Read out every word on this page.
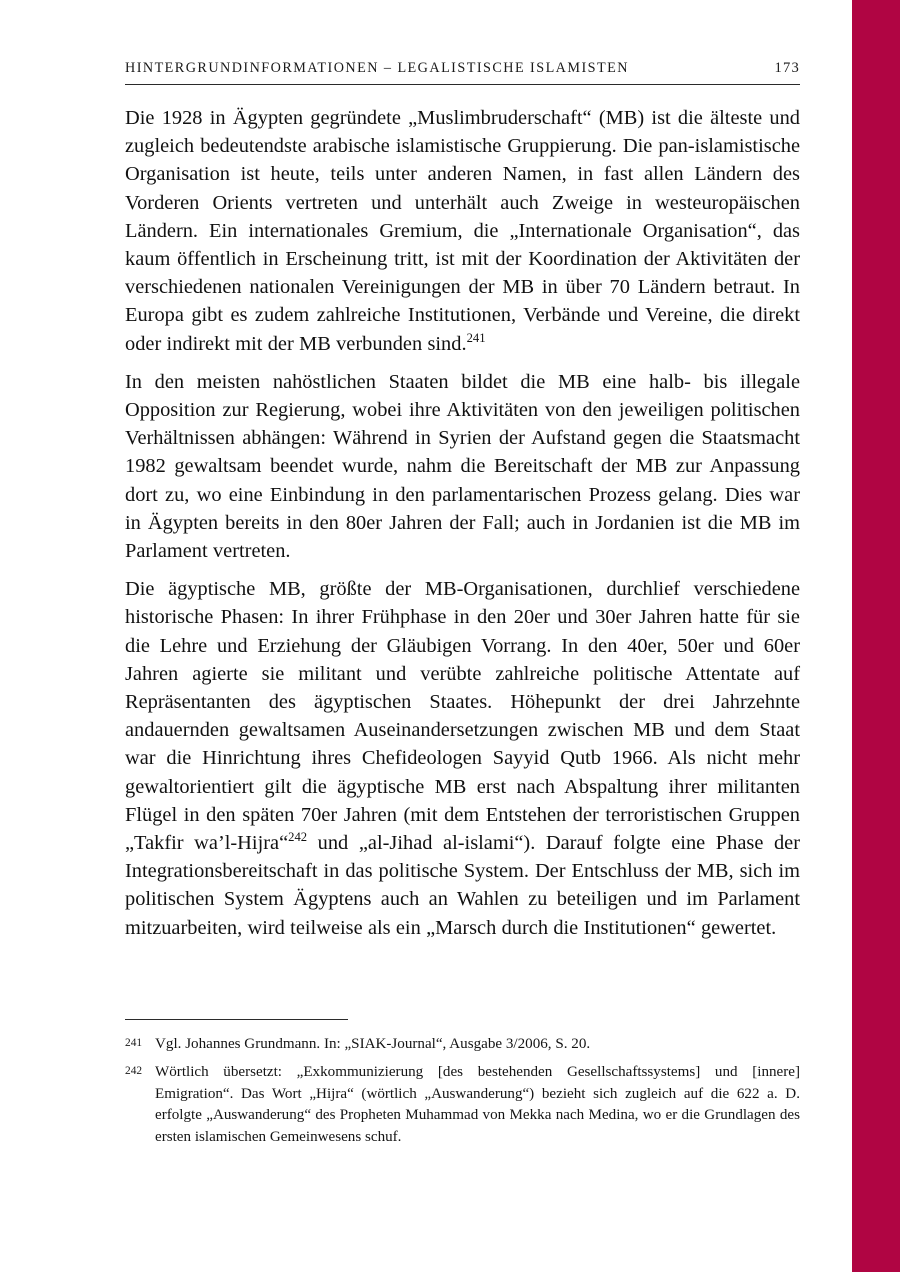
HINTERGRUNDINFORMATIONEN – LEGALISTISCHE ISLAMISTEN	173

Die 1928 in Ägypten gegründete „Muslimbruderschaft“ (MB) ist die älteste und zugleich bedeutendste arabische islamistische Gruppierung. Die pan-islamistische Organisation ist heute, teils unter anderen Namen, in fast allen Ländern des Vorderen Orients vertreten und unterhält auch Zweige in westeuropäischen Ländern. Ein internationales Gremium, die „Internationale Organisation“, das kaum öffentlich in Erscheinung tritt, ist mit der Koordination der Aktivitäten der verschiedenen nationalen Vereinigungen der MB in über 70 Ländern betraut. In Europa gibt es zudem zahlreiche Institutionen, Verbände und Vereine, die direkt oder indirekt mit der MB verbunden sind.$^{241}$

In den meisten nahöstlichen Staaten bildet die MB eine halb- bis illegale Opposition zur Regierung, wobei ihre Aktivitäten von den jeweiligen politischen Verhältnissen abhängen: Während in Syrien der Aufstand gegen die Staatsmacht 1982 gewaltsam beendet wurde, nahm die Bereitschaft der MB zur Anpassung dort zu, wo eine Einbindung in den parlamentarischen Prozess gelang. Dies war in Ägypten bereits in den 80er Jahren der Fall; auch in Jordanien ist die MB im Parlament vertreten.

Die ägyptische MB, größte der MB-Organisationen, durchlief verschiedene historische Phasen: In ihrer Frühphase in den 20er und 30er Jahren hatte für sie die Lehre und Erziehung der Gläubigen Vorrang. In den 40er, 50er und 60er Jahren agierte sie militant und verübte zahlreiche politische Attentate auf Repräsentanten des ägyptischen Staates. Höhepunkt der drei Jahrzehnte andauernden gewaltsamen Auseinandersetzungen zwischen MB und dem Staat war die Hinrichtung ihres Chefideologen Sayyid Qutb 1966. Als nicht mehr gewaltorientiert gilt die ägyptische MB erst nach Abspaltung ihrer militanten Flügel in den späten 70er Jahren (mit dem Entstehen der terroristischen Gruppen „Takfir wa’l-Hijra“$^{242}$ und „al-Jihad al-islami“). Darauf folgte eine Phase der Integrationsbereitschaft in das politische System. Der Entschluss der MB, sich im politischen System Ägyptens auch an Wahlen zu beteiligen und im Parlament mitzuarbeiten, wird teilweise als ein „Marsch durch die Institutionen“ gewertet.

241 Vgl. Johannes Grundmann. In: „SIAK-Journal“, Ausgabe 3/2006, S. 20.
242 Wörtlich übersetzt: „Exkommunizierung [des bestehenden Gesellschaftssystems] und [innere] Emigration“. Das Wort „Hijra“ (wörtlich „Auswanderung“) bezieht sich zugleich auf die 622 a. D. erfolgte „Auswanderung“ des Propheten Muhammad von Mekka nach Medina, wo er die Grundlagen des ersten islamischen Gemeinwesens schuf.
